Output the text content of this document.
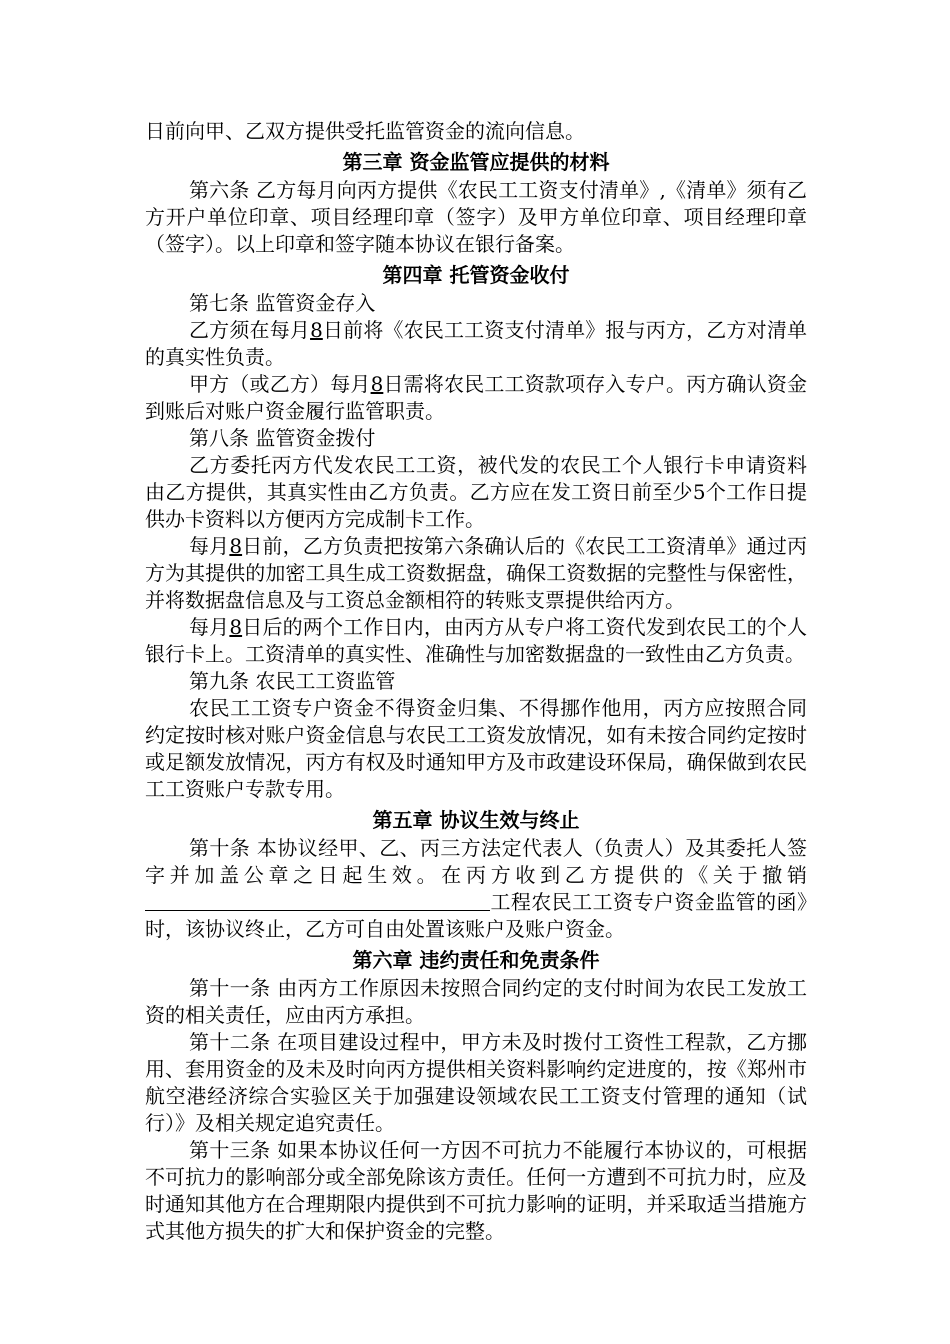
日前向甲、乙双方提供受托监管资金的流向信息。

第三章 资金监管应提供的材料

第六条 乙方每月向丙方提供《农民工工资支付清单》,《清单》须有乙方开户单位印章、项目经理印章（签字）及甲方单位印章、项目经理印章（签字）。以上印章和签字随本协议在银行备案。

第四章 托管资金收付

第七条 监管资金存入

乙方须在每月8日前将《农民工工资支付清单》报与丙方，乙方对清单的真实性负责。

甲方（或乙方）每月8日需将农民工工资款项存入专户。丙方确认资金到账后对账户资金履行监管职责。

第八条 监管资金拨付

乙方委托丙方代发农民工工资，被代发的农民工个人银行卡申请资料由乙方提供，其真实性由乙方负责。乙方应在发工资日前至少5个工作日提供办卡资料以方便丙方完成制卡工作。

每月8日前，乙方负责把按第六条确认后的《农民工工资清单》通过丙方为其提供的加密工具生成工资数据盘，确保工资数据的完整性与保密性，并将数据盘信息及与工资总金额相符的转账支票提供给丙方。

每月8日后的两个工作日内，由丙方从专户将工资代发到农民工的个人银行卡上。工资清单的真实性、准确性与加密数据盘的一致性由乙方负责。

第九条 农民工工资监管

农民工工资专户资金不得资金归集、不得挪作他用，丙方应按照合同约定按时核对账户资金信息与农民工工资发放情况，如有未按合同约定按时或足额发放情况，丙方有权及时通知甲方及市政建设环保局，确保做到农民工工资账户专款专用。

第五章 协议生效与终止

第十条 本协议经甲、乙、丙三方法定代表人（负责人）及其委托人签字并加盖公章之日起生效。在丙方收到乙方提供的《关于撤销工程农民工工资专户资金监管的函》时，该协议终止，乙方可自由处置该账户及账户资金。

第六章 违约责任和免责条件

第十一条 由丙方工作原因未按照合同约定的支付时间为农民工发放工资的相关责任，应由丙方承担。

第十二条 在项目建设过程中，甲方未及时拨付工资性工程款，乙方挪用、套用资金的及未及时向丙方提供相关资料影响约定进度的，按《郑州市航空港经济综合实验区关于加强建设领域农民工工资支付管理的通知（试行）》及相关规定追究责任。

第十三条 如果本协议任何一方因不可抗力不能履行本协议的，可根据不可抗力的影响部分或全部免除该方责任。任何一方遭到不可抗力时，应及时通知其他方在合理期限内提供到不可抗力影响的证明，并采取适当措施方式其他方损失的扩大和保护资金的完整。
